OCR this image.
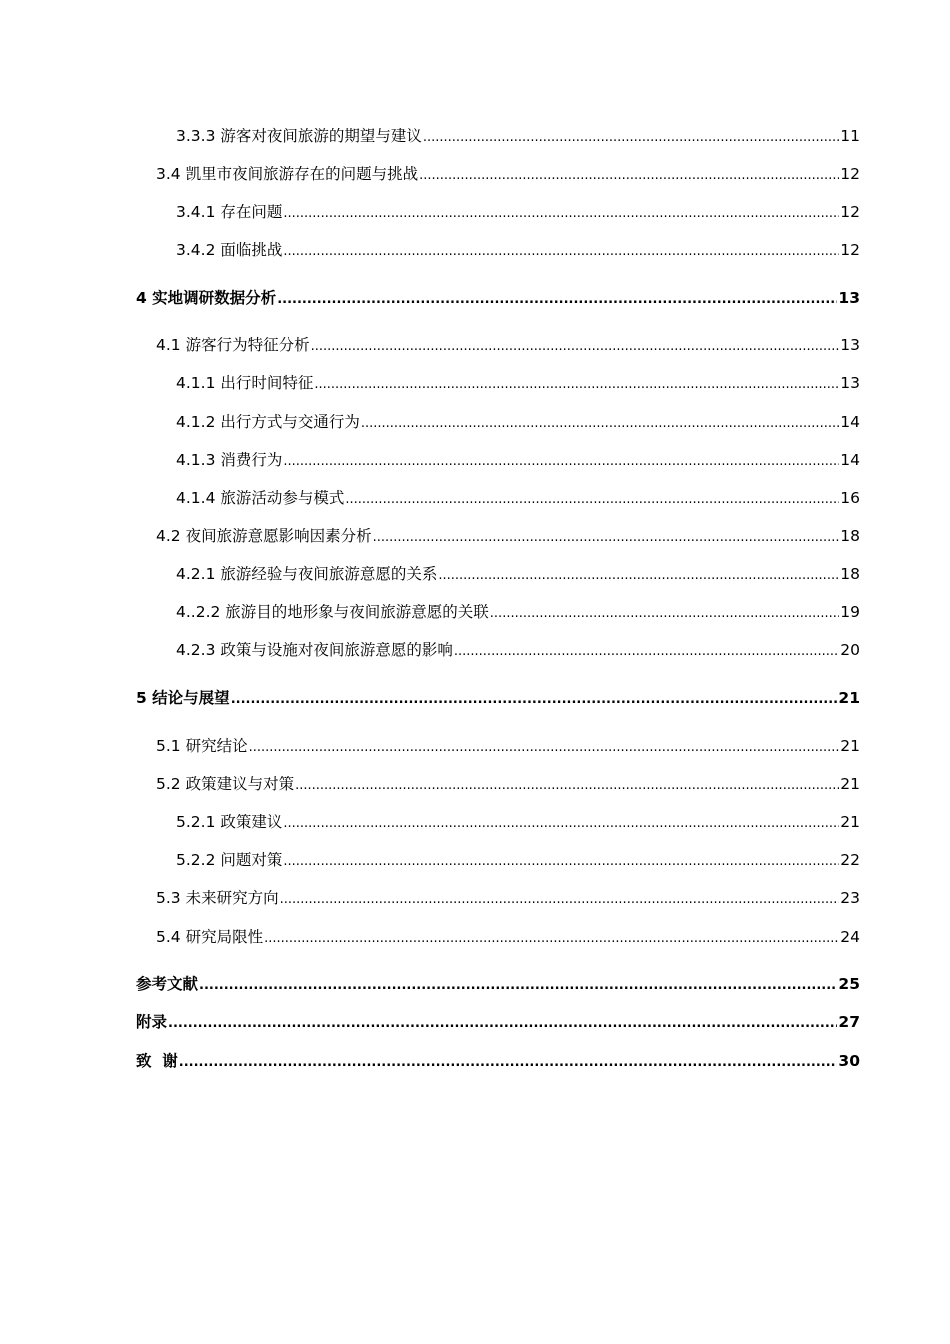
3.3.3 游客对夜间旅游的期望与建议 .....	11
3.4 凯里市夜间旅游存在的问题与挑战 .....	12
3.4.1 存在问题 .....	12
3.4.2 面临挑战 .....	12
4 实地调研数据分析 .....	13
4.1 游客行为特征分析 .....	13
4.1.1 出行时间特征 .....	13
4.1.2 出行方式与交通行为 .....	14
4.1.3 消费行为 .....	14
4.1.4 旅游活动参与模式 .....	16
4.2 夜间旅游意愿影响因素分析 .....	18
4.2.1 旅游经验与夜间旅游意愿的关系 .....	18
4..2.2 旅游目的地形象与夜间旅游意愿的关联 .....	19
4.2.3 政策与设施对夜间旅游意愿的影响 .....	20
5 结论与展望 .....	21
5.1 研究结论 .....	21
5.2 政策建议与对策 .....	21
5.2.1 政策建议 .....	21
5.2.2 问题对策 .....	22
5.3 未来研究方向 .....	23
5.4 研究局限性 .....	24
参考文献 .....	25
附录 .....	27
致  谢 .....	30
